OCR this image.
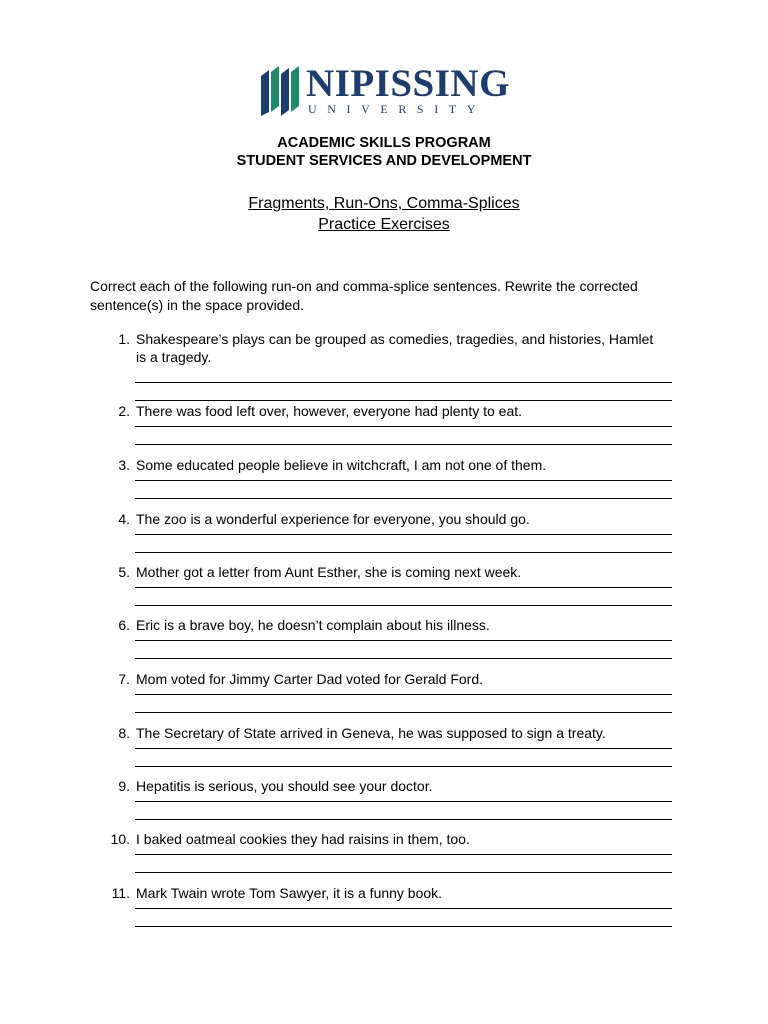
NIPISSING
UNIVERSITY
ACADEMIC SKILLS PROGRAM
STUDENT SERVICES AND DEVELOPMENT
Fragments, Run-Ons, Comma-Splices
Practice Exercises
Correct each of the following run-on and comma-splice sentences. Rewrite the corrected sentence(s) in the space provided.
1. Shakespeare’s plays can be grouped as comedies, tragedies, and histories, Hamlet is a tragedy.
2. There was food left over, however, everyone had plenty to eat.
3. Some educated people believe in witchcraft, I am not one of them.
4. The zoo is a wonderful experience for everyone, you should go.
5. Mother got a letter from Aunt Esther, she is coming next week.
6. Eric is a brave boy, he doesn’t complain about his illness.
7. Mom voted for Jimmy Carter Dad voted for Gerald Ford.
8. The Secretary of State arrived in Geneva, he was supposed to sign a treaty.
9. Hepatitis is serious, you should see your doctor.
10. I baked oatmeal cookies they had raisins in them, too.
11. Mark Twain wrote Tom Sawyer, it is a funny book.
